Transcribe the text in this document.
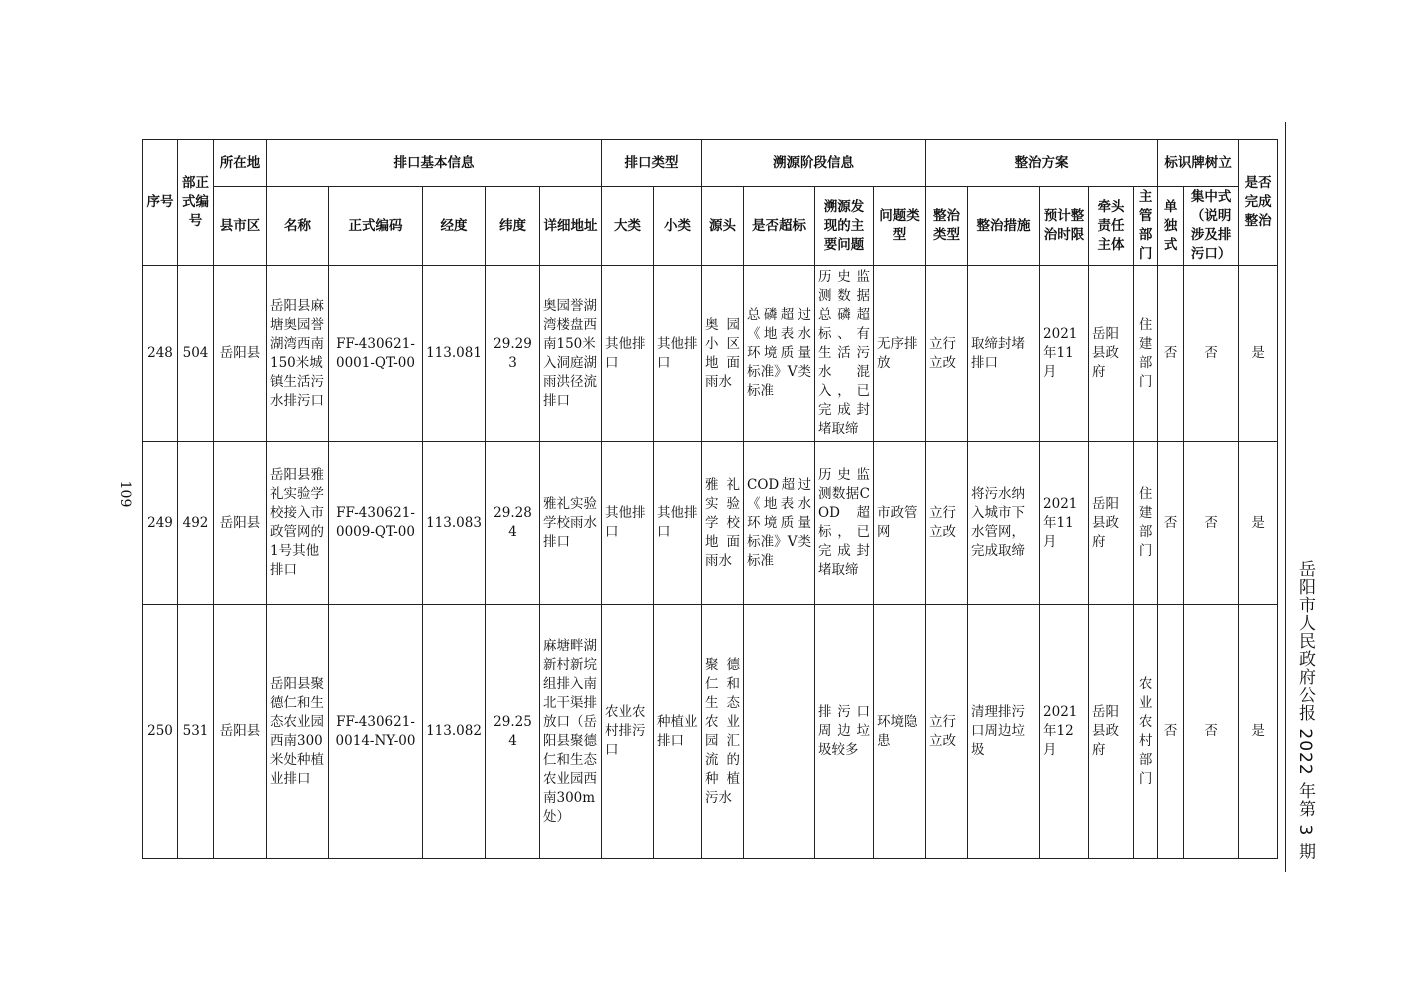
109
序号	部正式编号	所在地	排口基本信息					排口类型		溯源阶段信息				整治方案					标识牌树立		是否完成整治
		县市区	名称	正式编码	经度	纬度	详细地址	大类	小类	源头	是否超标	溯源发现的主要问题	问题类型	整治类型	整治措施	预计整治时限	牵头责任主体	主管部门	单独式	集中式（说明涉及排污口）	
248	504	岳阳县	岳阳县麻塘奥园誉湖湾西南150米城镇生活污水排污口	FF-430621-0001-QT-00	113.081	29.293	奥园誉湖湾楼盘西南150米入洞庭湖雨洪径流排口	其他排口	其他排口	奥园小区地面雨水	总磷超过《地表水环境质量标准》V类标准	历史监测数据总磷超标、有生活污水混入，已完成封堵取缔	无序排放	立行立改	取缔封堵排口	2021年11月	岳阳县政府	住建部门	否	否	是
249	492	岳阳县	岳阳县雅礼实验学校接入市政管网的1号其他排口	FF-430621-0009-QT-00	113.083	29.284	雅礼实验学校雨水排口	其他排口	其他排口	雅礼实验学校地面雨水	COD超过《地表水环境质量标准》V类标准	历史监测数据COD超标，已完成封堵取缔	市政管网	立行立改	将污水纳入城市下水管网，完成取缔	2021年11月	岳阳县政府	住建部门	否	否	是
250	531	岳阳县	岳阳县聚德仁和生态农业园西南300米处种植业排口	FF-430621-0014-NY-00	113.082	29.254	麻塘畔湖新村新垸组排入南北干渠排放口（岳阳县聚德仁和生态农业园西南300m处）	农业农村排污口	种植业排口	聚德仁和生态农业园汇流的种植污水		排污口周边垃圾较多	环境隐患	立行立改	清理排污口周边垃圾	2021年12月	岳阳县政府	农业农村部门	否	否	是 岳阳市人民政府公报 2022 年第 3 期
